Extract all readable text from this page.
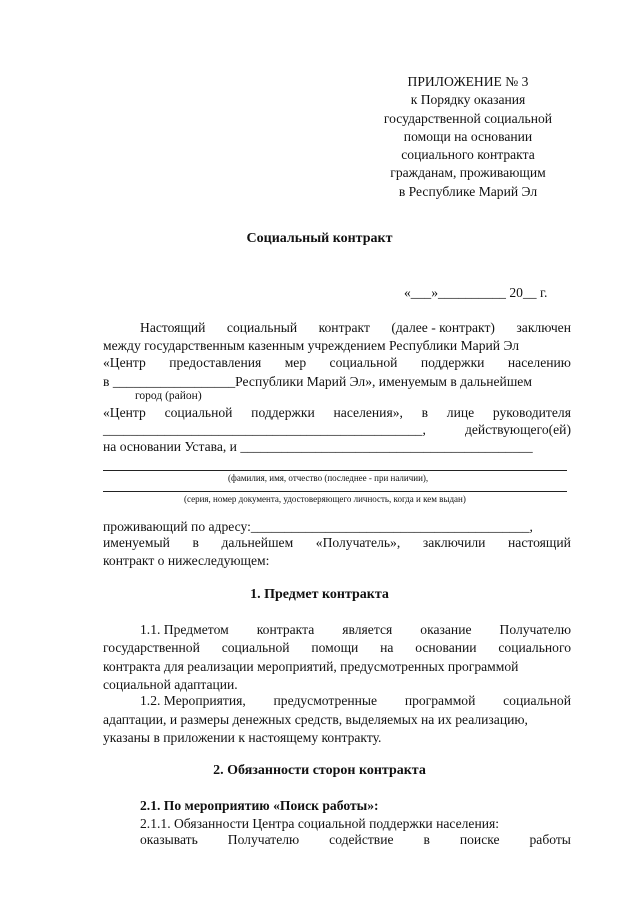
ПРИЛОЖЕНИЕ № 3
к Порядку оказания
государственной социальной
помощи на основании
социального контракта
гражданам, проживающим
в Республике Марий Эл
Социальный контракт
«___»__________ 20__ г.
Настоящий социальный контракт (далее - контракт) заключен
между государственным казенным учреждением Республики Марий Эл
«Центр предоставления мер социальной поддержки населению
в __________________Республики Марий Эл», именуемым в дальнейшем
город (район)
«Центр социальной поддержки населения», в лице руководителя
_______________________________________________,	действующего(ей)
на основании Устава, и ___________________________________________
(фамилия, имя, отчество (последнее - при наличии),
(серия, номер документа, удостоверяющего личность, когда и кем выдан)
проживающий по адресу:_________________________________________,
именуемый в дальнейшем «Получатель», заключили настоящий
контракт о нижеследующем:
1. Предмет контракта
1.1. Предметом контракта является оказание Получателю
государственной социальной помощи на основании социального
контракта для реализации мероприятий, предусмотренных программой
социальной адаптации.
1.2. Мероприятия, предусмотренные программой социальной
адаптации, и размеры денежных средств, выделяемых на их реализацию,
указаны в приложении к настоящему контракту.
2. Обязанности сторон контракта
2.1. По мероприятию «Поиск работы»:
2.1.1. Обязанности Центра социальной поддержки населения:
оказывать Получателю содействие в поиске работы
